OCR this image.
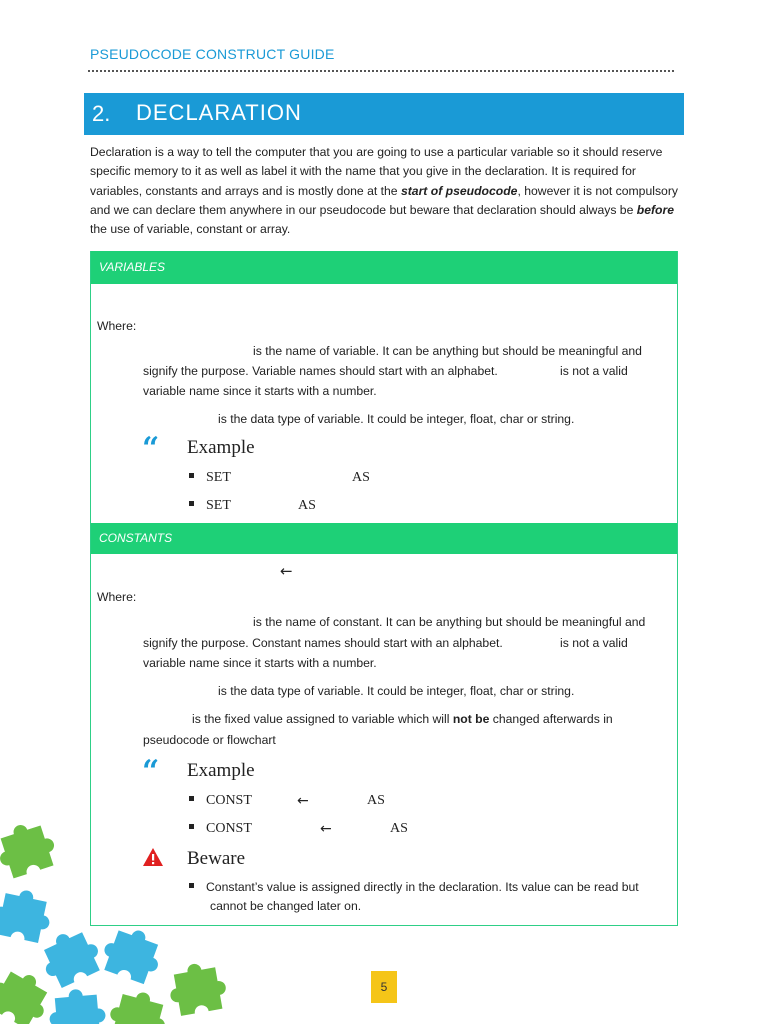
PSEUDOCODE CONSTRUCT GUIDE
2. DECLARATION
Declaration is a way to tell the computer that you are going to use a particular variable so it should reserve specific memory to it as well as label it with the name that you give in the declaration. It is required for variables, constants and arrays and is mostly done at the start of pseudocode, however it is not compulsory and we can declare them anywhere in our pseudocode but beware that declaration should always be before the use of variable, constant or array.
VARIABLES
Where:
is the name of variable. It can be anything but should be meaningful and
signify the purpose. Variable names should start with an alphabet.	is not a valid
variable name since it starts with a number.
is the data type of variable. It could be integer, float, char or string.
“ Example
SET	AS
SET	AS
CONSTANTS
←
Where:
is the name of constant. It can be anything but should be meaningful and
signify the purpose. Constant names should start with an alphabet.	is not a valid
variable name since it starts with a number.
is the data type of variable. It could be integer, float, char or string.
is the fixed value assigned to variable which will not be changed afterwards in
pseudocode or flowchart
“ Example
CONST	←	AS
CONST	←	AS
Beware
Constant’s value is assigned directly in the declaration. Its value can be read but
cannot be changed later on.
5
